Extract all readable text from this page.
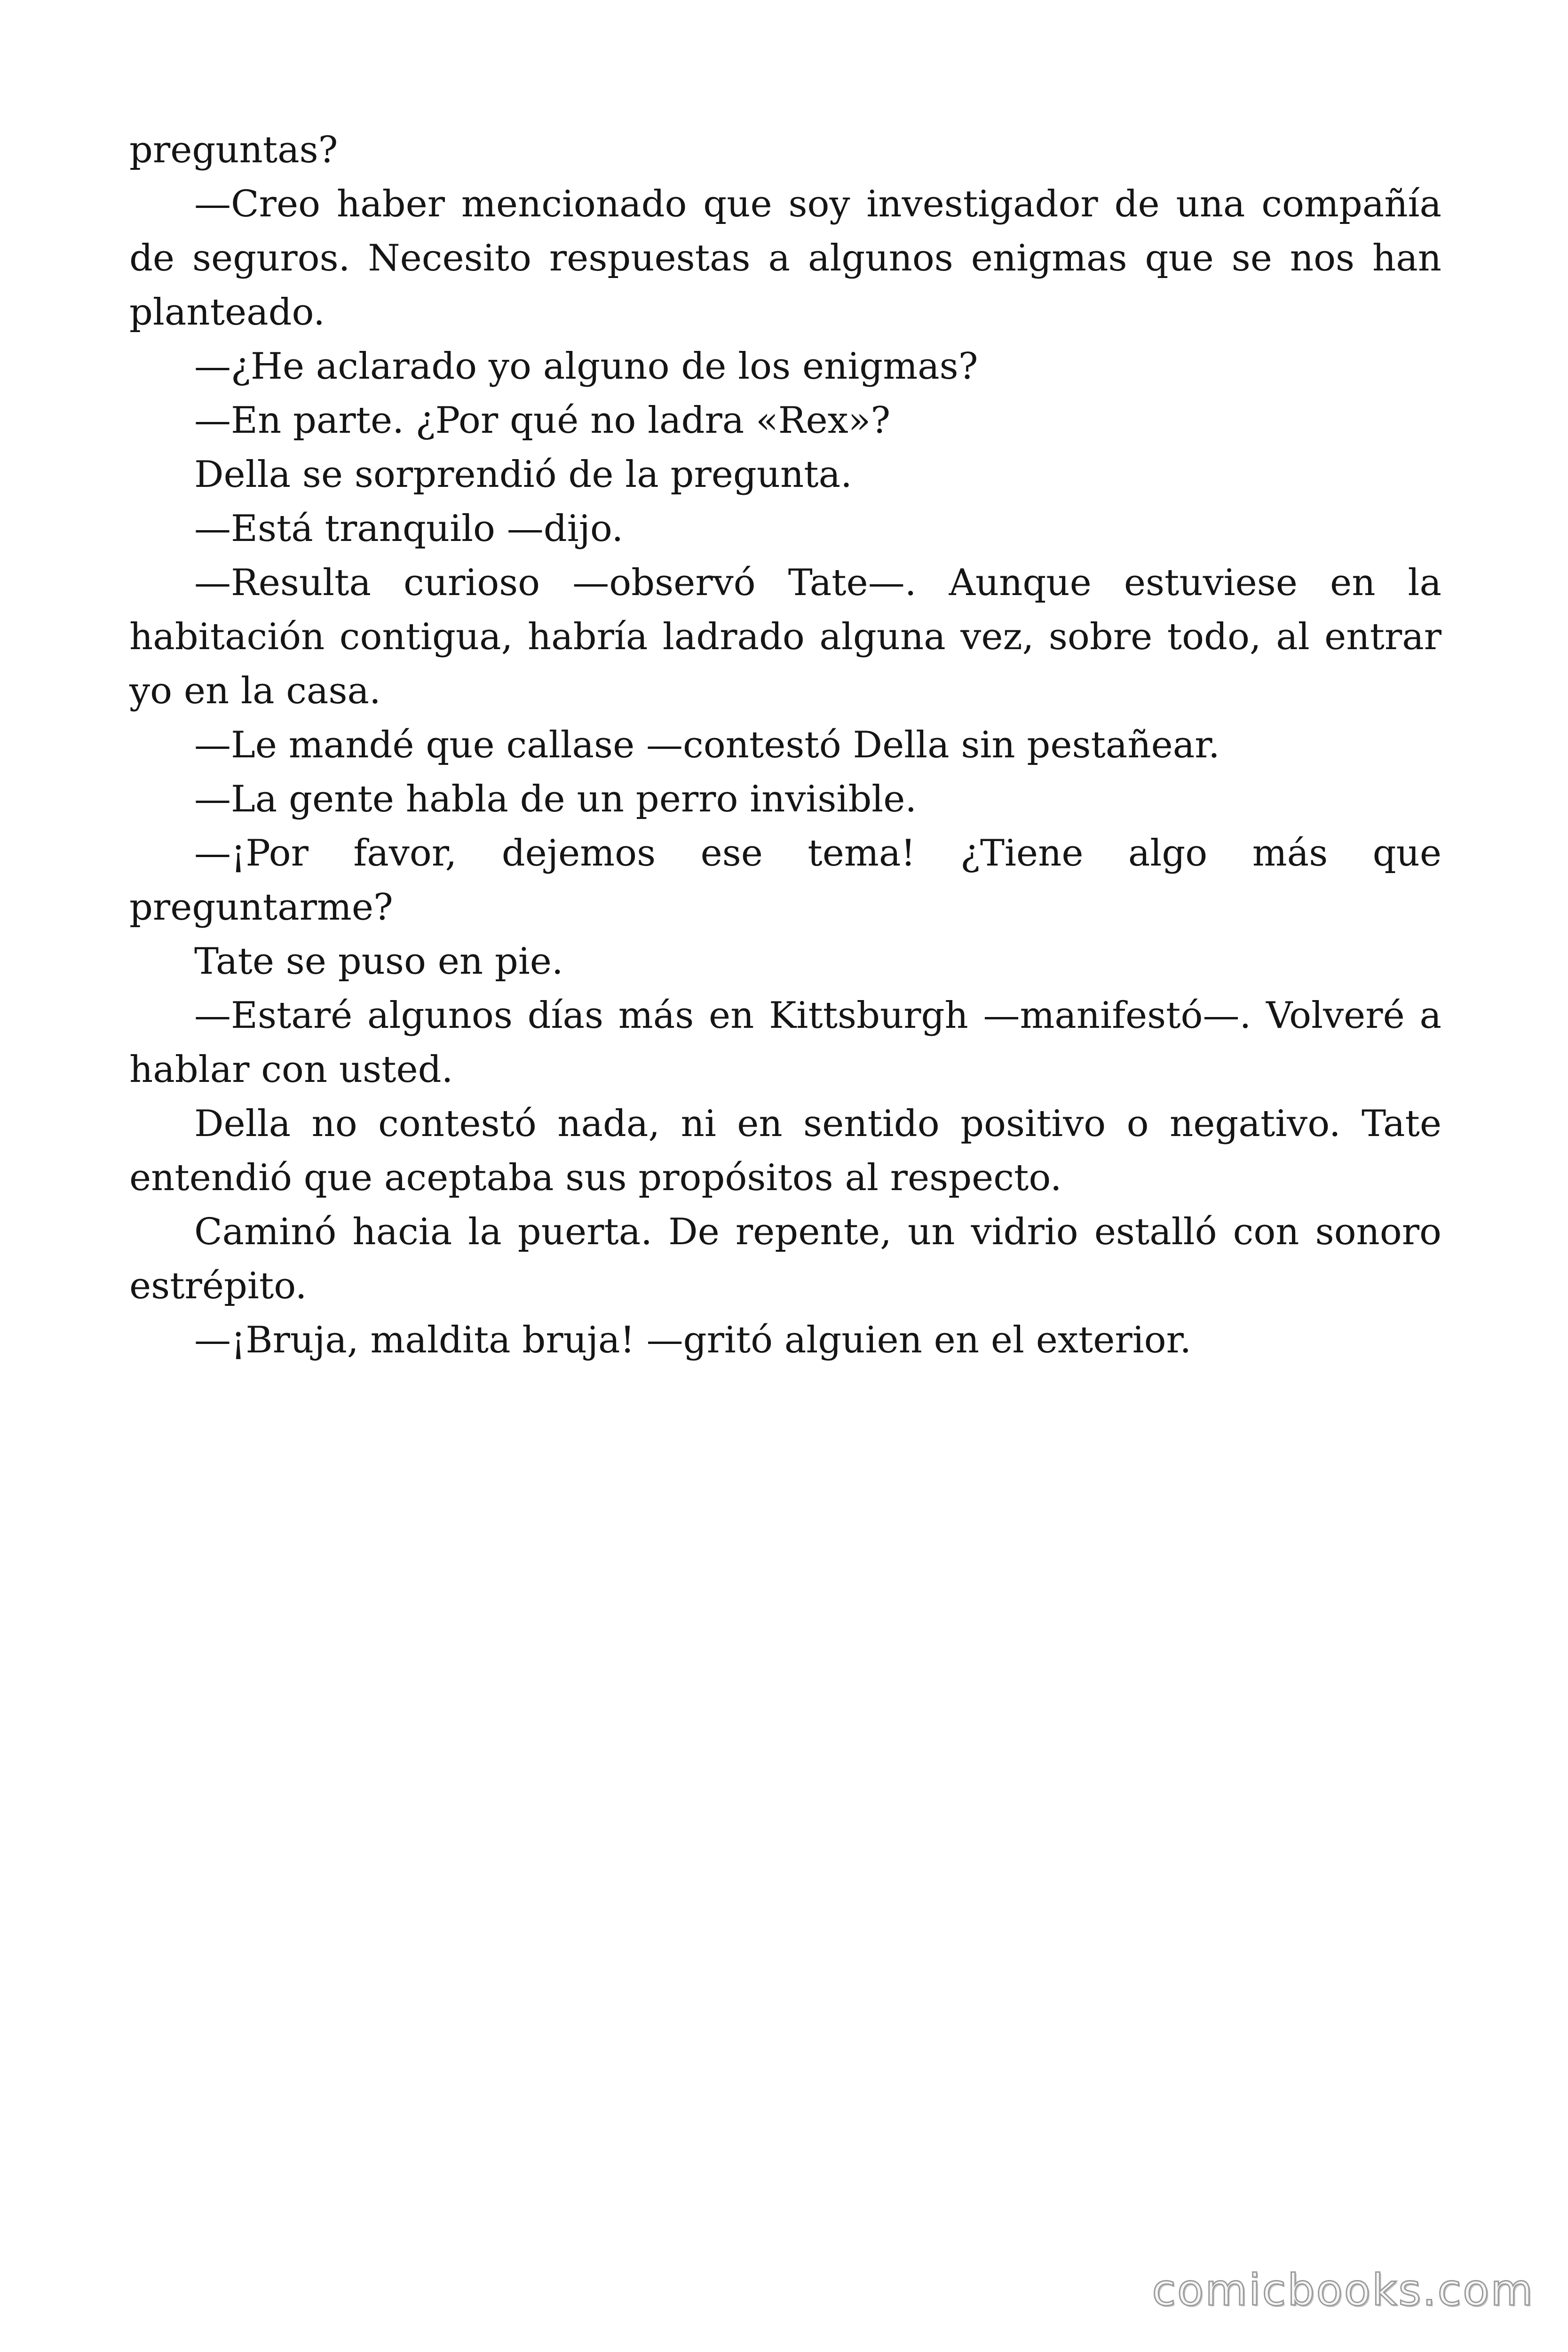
preguntas?

—Creo haber mencionado que soy investigador de una compañía de seguros. Necesito respuestas a algunos enigmas que se nos han planteado.

—¿He aclarado yo alguno de los enigmas?

—En parte. ¿Por qué no ladra «Rex»?

Della se sorprendió de la pregunta.

—Está tranquilo —dijo.

—Resulta curioso —observó Tate—. Aunque estuviese en la habitación contigua, habría ladrado alguna vez, sobre todo, al entrar yo en la casa.

—Le mandé que callase —contestó Della sin pestañear.

—La gente habla de un perro invisible.

—¡Por favor, dejemos ese tema! ¿Tiene algo más que preguntarme?

Tate se puso en pie.

—Estaré algunos días más en Kittsburgh —manifestó—. Volveré a hablar con usted.

Della no contestó nada, ni en sentido positivo o negativo. Tate entendió que aceptaba sus propósitos al respecto.

Caminó hacia la puerta. De repente, un vidrio estalló con sonoro estrépito.

—¡Bruja, maldita bruja! —gritó alguien en el exterior.

comicbooks.com
